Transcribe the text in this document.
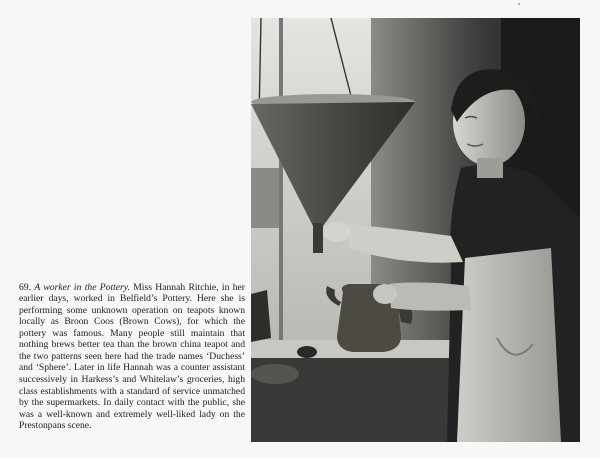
69. A worker in the Pottery. Miss Hannah Ritchie, in her earlier days, worked in Belfield’s Pottery. Here she is performing some unknown operation on teapots known locally as Broon Coos (Brown Cows), for which the pottery was famous. Many people still maintain that nothing brews better tea than the brown china teapot and the two patterns seen here had the trade names ‘Duchess’ and ‘Sphere’. Later in life Hannah was a counter assistant successively in Harkess’s and Whitelaw’s groceries, high class establishments with a standard of service unmatched by the supermarkets. In daily contact with the public, she was a well-known and extremely well-liked lady on the Prestonpans scene.
